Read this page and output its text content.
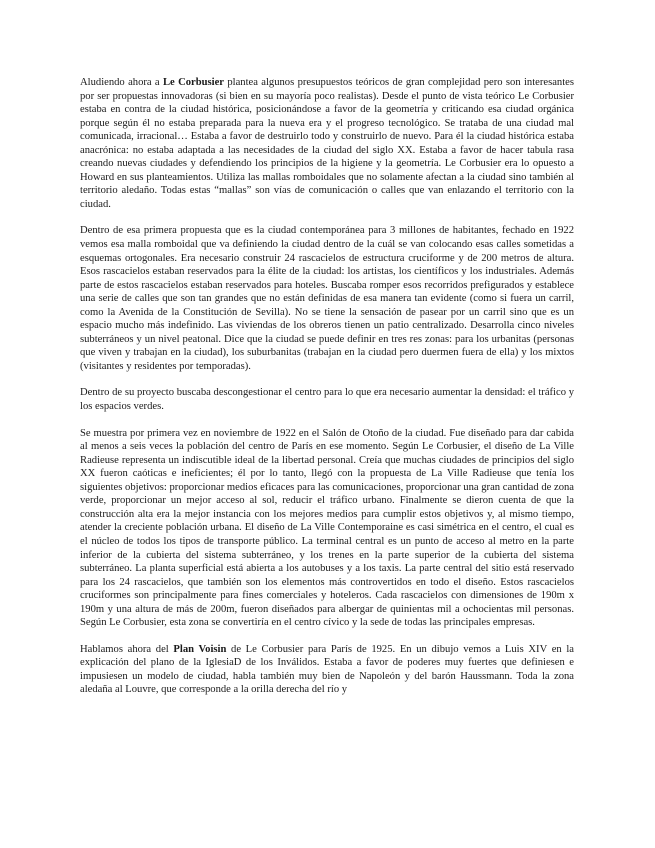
Aludiendo ahora a Le Corbusier plantea algunos presupuestos teóricos de gran complejidad pero son interesantes por ser propuestas innovadoras (si bien en su mayoría poco realistas). Desde el punto de vista teórico Le Corbusier estaba en contra de la ciudad histórica, posicionándose a favor de la geometría y criticando esa ciudad orgánica porque según él no estaba preparada para la nueva era y el progreso tecnológico. Se trataba de una ciudad mal comunicada, irracional… Estaba a favor de destruirlo todo y construirlo de nuevo. Para él la ciudad histórica estaba anacrónica: no estaba adaptada a las necesidades de la ciudad del siglo XX. Estaba a favor de hacer tabula rasa creando nuevas ciudades y defendiendo los principios de la higiene y la geometría. Le Corbusier era lo opuesto a Howard en sus planteamientos. Utiliza las mallas romboidales que no solamente afectan a la ciudad sino también al territorio aledaño. Todas estas “mallas” son vías de comunicación o calles que van enlazando el territorio con la ciudad.

Dentro de esa primera propuesta que es la ciudad contemporánea para 3 millones de habitantes, fechado en 1922 vemos esa malla romboidal que va definiendo la ciudad dentro de la cuál se van colocando esas calles sometidas a esquemas ortogonales. Era necesario construir 24 rascacielos de estructura cruciforme y de 200 metros de altura. Esos rascacielos estaban reservados para la élite de la ciudad: los artistas, los científicos y los industriales. Además parte de estos rascacielos estaban reservados para hoteles. Buscaba romper esos recorridos prefigurados y establece una serie de calles que son tan grandes que no están definidas de esa manera tan evidente (como si fuera un carril, como la Avenida de la Constitución de Sevilla). No se tiene la sensación de pasear por un carril sino que es un espacio mucho más indefinido. Las viviendas de los obreros tienen un patio centralizado. Desarrolla cinco niveles subterráneos y un nivel peatonal. Dice que la ciudad se puede definir en tres res zonas: para los urbanitas (personas que viven y trabajan en la ciudad), los suburbanitas (trabajan en la ciudad pero duermen fuera de ella) y los mixtos (visitantes y residentes por temporadas).

Dentro de su proyecto buscaba descongestionar el centro para lo que era necesario aumentar la densidad: el tráfico y los espacios verdes.

Se muestra por primera vez en noviembre de 1922 en el Salón de Otoño de la ciudad. Fue diseñado para dar cabida al menos a seis veces la población del centro de París en ese momento. Según Le Corbusier, el diseño de La Ville Radieuse representa un indiscutible ideal de la libertad personal. Creía que muchas ciudades de principios del siglo XX fueron caóticas e ineficientes; él por lo tanto, llegó con la propuesta de La Ville Radieuse que tenía los siguientes objetivos: proporcionar medios eficaces para las comunicaciones, proporcionar una gran cantidad de zona verde, proporcionar un mejor acceso al sol, reducir el tráfico urbano. Finalmente se dieron cuenta de que la construcción alta era la mejor instancia con los mejores medios para cumplir estos objetivos y, al mismo tiempo, atender la creciente población urbana. El diseño de La Ville Contemporaine es casi simétrica en el centro, el cual es el núcleo de todos los tipos de transporte público. La terminal central es un punto de acceso al metro en la parte inferior de la cubierta del sistema subterráneo, y los trenes en la parte superior de la cubierta del sistema subterráneo. La planta superficial está abierta a los autobuses y a los taxis. La parte central del sitio está reservado para los 24 rascacielos, que también son los elementos más controvertidos en todo el diseño. Estos rascacielos cruciformes son principalmente para fines comerciales y hoteleros. Cada rascacielos con dimensiones de 190m x 190m y una altura de más de 200m, fueron diseñados para albergar de quinientas mil a ochocientas mil personas. Según Le Corbusier, esta zona se convertiría en el centro cívico y la sede de todas las principales empresas.

Hablamos ahora del Plan Voisin de Le Corbusier para París de 1925. En un dibujo vemos a Luis XIV en la explicación del plano de la IglesiaD de los Inválidos. Estaba a favor de poderes muy fuertes que definiesen e impusiesen un modelo de ciudad, habla también muy bien de Napoleón y del barón Haussmann. Toda la zona aledaña al Louvre, que corresponde a la orilla derecha del río y
